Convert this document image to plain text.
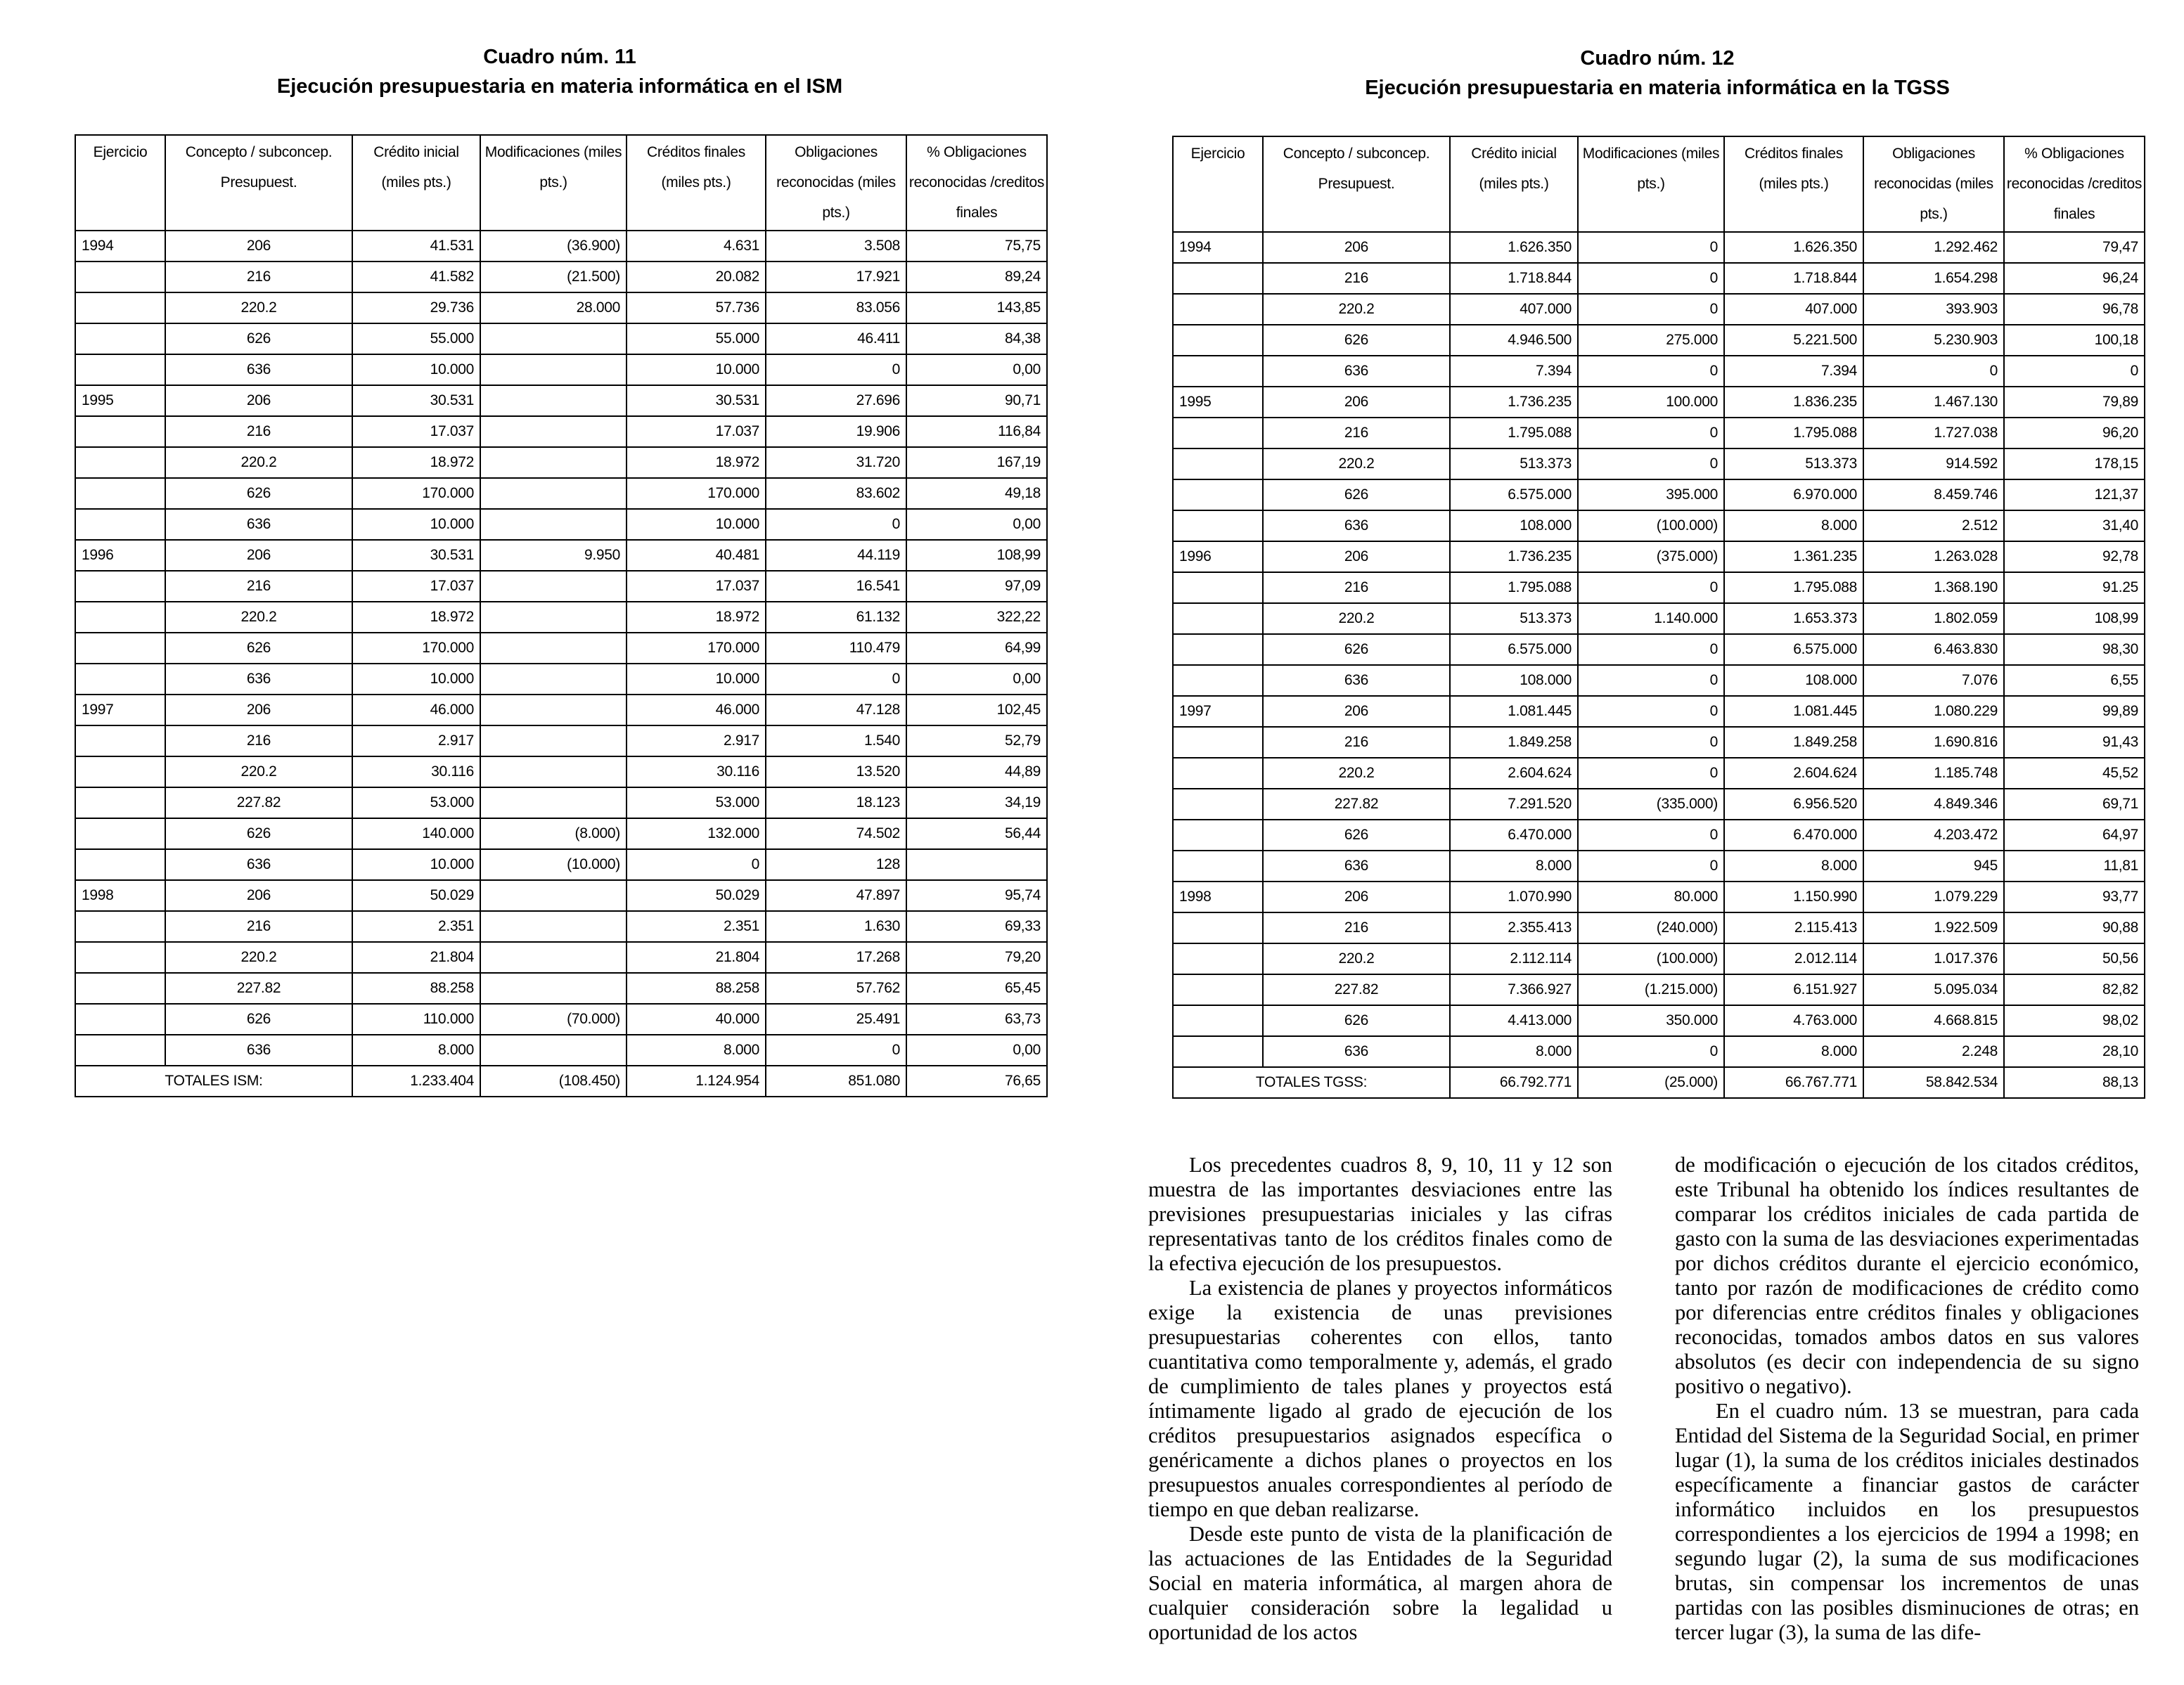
Cuadro núm. 11
Ejecución presupuestaria en materia informática en el ISM
Ejercicio	Concepto / subconcep. Presupuest.	Crédito inicial (miles pts.)	Modificaciones (miles pts.)	Créditos finales (miles pts.)	Obligaciones reconocidas (miles pts.)	% Obligaciones reconocidas /creditos finales
1994	206	41.531	(36.900)	4.631	3.508	75,75
	216	41.582	(21.500)	20.082	17.921	89,24
	220.2	29.736	28.000	57.736	83.056	143,85
	626	55.000		55.000	46.411	84,38
	636	10.000		10.000	0	0,00
1995	206	30.531		30.531	27.696	90,71
	216	17.037		17.037	19.906	116,84
	220.2	18.972		18.972	31.720	167,19
	626	170.000		170.000	83.602	49,18
	636	10.000		10.000	0	0,00
1996	206	30.531	9.950	40.481	44.119	108,99
	216	17.037		17.037	16.541	97,09
	220.2	18.972		18.972	61.132	322,22
	626	170.000		170.000	110.479	64,99
	636	10.000		10.000	0	0,00
1997	206	46.000		46.000	47.128	102,45
	216	2.917		2.917	1.540	52,79
	220.2	30.116		30.116	13.520	44,89
	227.82	53.000		53.000	18.123	34,19
	626	140.000	(8.000)	132.000	74.502	56,44
	636	10.000	(10.000)	0	128	
1998	206	50.029		50.029	47.897	95,74
	216	2.351		2.351	1.630	69,33
	220.2	21.804		21.804	17.268	79,20
	227.82	88.258		88.258	57.762	65,45
	626	110.000	(70.000)	40.000	25.491	63,73
	636	8.000		8.000	0	0,00
TOTALES ISM:		1.233.404	(108.450)	1.124.954	851.080	76,65
Cuadro núm. 12
Ejecución presupuestaria en materia informática en la TGSS
Ejercicio	Concepto / subconcep. Presupuest.	Crédito inicial (miles pts.)	Modificaciones (miles pts.)	Créditos finales (miles pts.)	Obligaciones reconocidas (miles pts.)	% Obligaciones reconocidas /creditos finales
1994	206	1.626.350	0	1.626.350	1.292.462	79,47
	216	1.718.844	0	1.718.844	1.654.298	96,24
	220.2	407.000	0	407.000	393.903	96,78
	626	4.946.500	275.000	5.221.500	5.230.903	100,18
	636	7.394	0	7.394	0	0
1995	206	1.736.235	100.000	1.836.235	1.467.130	79,89
	216	1.795.088	0	1.795.088	1.727.038	96,20
	220.2	513.373	0	513.373	914.592	178,15
	626	6.575.000	395.000	6.970.000	8.459.746	121,37
	636	108.000	(100.000)	8.000	2.512	31,40
1996	206	1.736.235	(375.000)	1.361.235	1.263.028	92,78
	216	1.795.088	0	1.795.088	1.368.190	91.25
	220.2	513.373	1.140.000	1.653.373	1.802.059	108,99
	626	6.575.000	0	6.575.000	6.463.830	98,30
	636	108.000	0	108.000	7.076	6,55
1997	206	1.081.445	0	1.081.445	1.080.229	99,89
	216	1.849.258	0	1.849.258	1.690.816	91,43
	220.2	2.604.624	0	2.604.624	1.185.748	45,52
	227.82	7.291.520	(335.000)	6.956.520	4.849.346	69,71
	626	6.470.000	0	6.470.000	4.203.472	64,97
	636	8.000	0	8.000	945	11,81
1998	206	1.070.990	80.000	1.150.990	1.079.229	93,77
	216	2.355.413	(240.000)	2.115.413	1.922.509	90,88
	220.2	2.112.114	(100.000)	2.012.114	1.017.376	50,56
	227.82	7.366.927	(1.215.000)	6.151.927	5.095.034	82,82
	626	4.413.000	350.000	4.763.000	4.668.815	98,02
	636	8.000	0	8.000	2.248	28,10
TOTALES TGSS:		66.792.771	(25.000)	66.767.771	58.842.534	88,13

Los precedentes cuadros 8, 9, 10, 11 y 12 son muestra de las importantes desviaciones entre las previsiones presupuestarias iniciales y las cifras representativas tanto de los créditos finales como de la efectiva ejecución de los presupuestos.

La existencia de planes y proyectos informáticos exige la existencia de unas previsiones presupuestarias coherentes con ellos, tanto cuantitativa como temporalmente y, además, el grado de cumplimiento de tales planes y proyectos está íntimamente ligado al grado de ejecución de los créditos presupuestarios asignados específica o genéricamente a dichos planes o proyectos en los presupuestos anuales correspondientes al período de tiempo en que deban realizarse.

Desde este punto de vista de la planificación de las actuaciones de las Entidades de la Seguridad Social en materia informática, al margen ahora de cualquier consideración sobre la legalidad u oportunidad de los actos

de modificación o ejecución de los citados créditos, este Tribunal ha obtenido los índices resultantes de comparar los créditos iniciales de cada partida de gasto con la suma de las desviaciones experimentadas por dichos créditos durante el ejercicio económico, tanto por razón de modificaciones de crédito como por diferencias entre créditos finales y obligaciones reconocidas, tomados ambos datos en sus valores absolutos (es decir con independencia de su signo positivo o negativo).

En el cuadro núm. 13 se muestran, para cada Entidad del Sistema de la Seguridad Social, en primer lugar (1), la suma de los créditos iniciales destinados específicamente a financiar gastos de carácter informático incluidos en los presupuestos correspondientes a los ejercicios de 1994 a 1998; en segundo lugar (2), la suma de sus modificaciones brutas, sin compensar los incrementos de unas partidas con las posibles disminuciones de otras; en tercer lugar (3), la suma de las dife-
